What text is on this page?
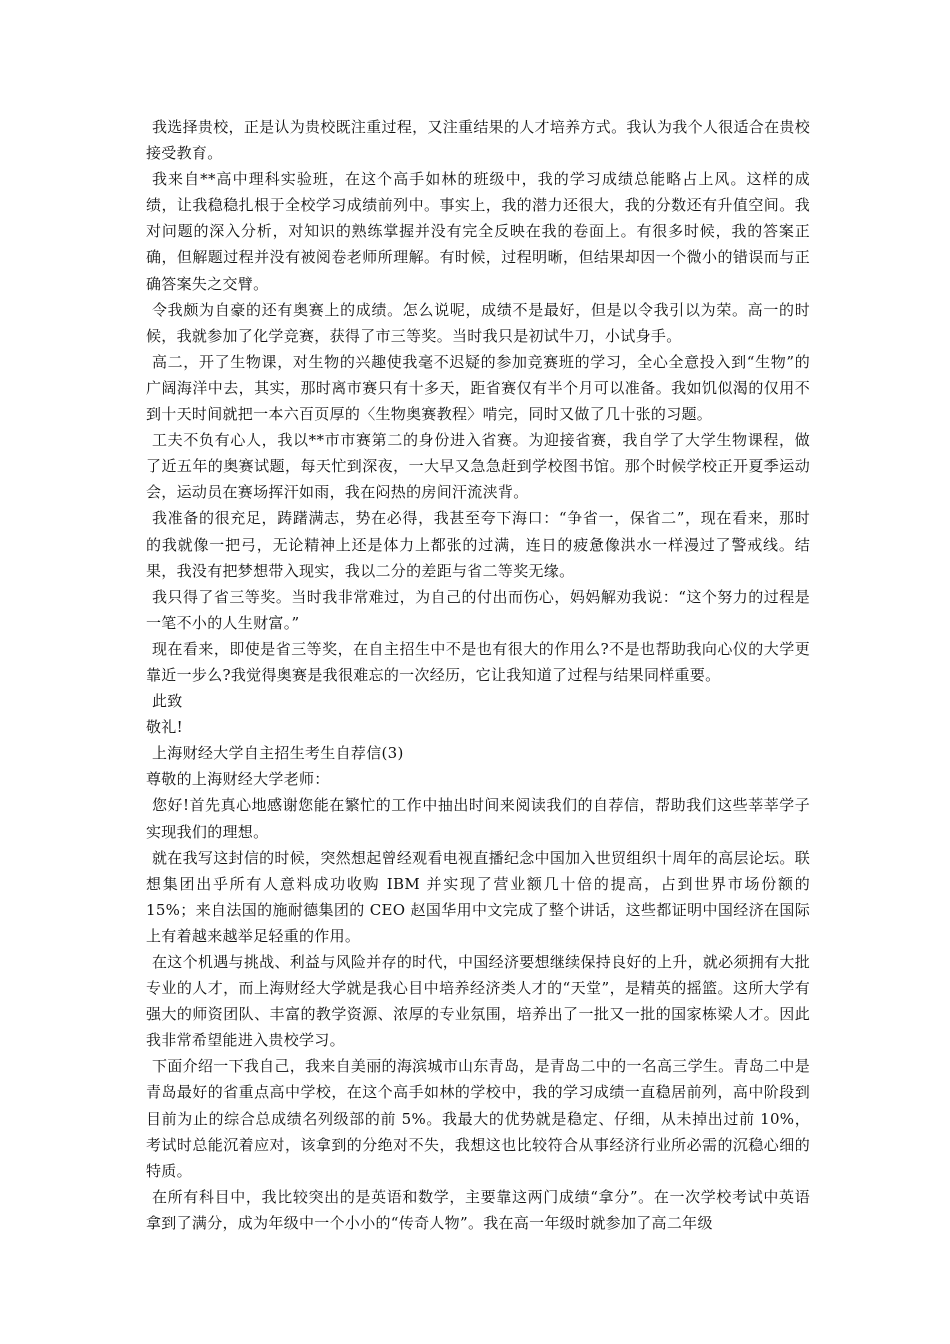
我选择贵校，正是认为贵校既注重过程，又注重结果的人才培养方式。我认为我个人很适合在贵校接受教育。

我来自**高中理科实验班，在这个高手如林的班级中，我的学习成绩总能略占上风。这样的成绩，让我稳稳扎根于全校学习成绩前列中。事实上，我的潜力还很大，我的分数还有升值空间。我对问题的深入分析，对知识的熟练掌握并没有完全反映在我的卷面上。有很多时候，我的答案正确，但解题过程并没有被阅卷老师所理解。有时候，过程明晰，但结果却因一个微小的错误而与正确答案失之交臂。

令我颇为自豪的还有奥赛上的成绩。怎么说呢，成绩不是最好，但是以令我引以为荣。高一的时候，我就参加了化学竞赛，获得了市三等奖。当时我只是初试牛刀，小试身手。

高二，开了生物课，对生物的兴趣使我毫不迟疑的参加竞赛班的学习，全心全意投入到“生物”的广阔海洋中去，其实，那时离市赛只有十多天，距省赛仅有半个月可以准备。我如饥似渴的仅用不到十天时间就把一本六百页厚的〈生物奥赛教程〉啃完，同时又做了几十张的习题。

工夫不负有心人，我以**市市赛第二的身份进入省赛。为迎接省赛，我自学了大学生物课程，做了近五年的奥赛试题，每天忙到深夜，一大早又急急赶到学校图书馆。那个时候学校正开夏季运动会，运动员在赛场挥汗如雨，我在闷热的房间汗流浃背。

我准备的很充足，踌躇满志，势在必得，我甚至夸下海口：“争省一，保省二”，现在看来，那时的我就像一把弓，无论精神上还是体力上都张的过满，连日的疲惫像洪水一样漫过了警戒线。结果，我没有把梦想带入现实，我以二分的差距与省二等奖无缘。

我只得了省三等奖。当时我非常难过，为自己的付出而伤心，妈妈解劝我说：“这个努力的过程是一笔不小的人生财富。”

现在看来，即使是省三等奖，在自主招生中不是也有很大的作用么?不是也帮助我向心仪的大学更靠近一步么?我觉得奥赛是我很难忘的一次经历，它让我知道了过程与结果同样重要。

此致

敬礼!

上海财经大学自主招生考生自荐信(3)

尊敬的上海财经大学老师：

您好!首先真心地感谢您能在繁忙的工作中抽出时间来阅读我们的自荐信，帮助我们这些莘莘学子实现我们的理想。

就在我写这封信的时候，突然想起曾经观看电视直播纪念中国加入世贸组织十周年的高层论坛。联想集团出乎所有人意料成功收购 IBM 并实现了营业额几十倍的提高，占到世界市场份额的 15%；来自法国的施耐德集团的 CEO 赵国华用中文完成了整个讲话，这些都证明中国经济在国际上有着越来越举足轻重的作用。

在这个机遇与挑战、利益与风险并存的时代，中国经济要想继续保持良好的上升，就必须拥有大批专业的人才，而上海财经大学就是我心目中培养经济类人才的“天堂”，是精英的摇篮。这所大学有强大的师资团队、丰富的教学资源、浓厚的专业氛围，培养出了一批又一批的国家栋梁人才。因此我非常希望能进入贵校学习。

下面介绍一下我自己，我来自美丽的海滨城市山东青岛，是青岛二中的一名高三学生。青岛二中是青岛最好的省重点高中学校，在这个高手如林的学校中，我的学习成绩一直稳居前列，高中阶段到目前为止的综合总成绩名列级部的前 5%。我最大的优势就是稳定、仔细，从未掉出过前 10%，考试时总能沉着应对，该拿到的分绝对不失，我想这也比较符合从事经济行业所必需的沉稳心细的特质。

在所有科目中，我比较突出的是英语和数学，主要靠这两门成绩“拿分”。在一次学校考试中英语拿到了满分，成为年级中一个小小的“传奇人物”。我在高一年级时就参加了高二年级
